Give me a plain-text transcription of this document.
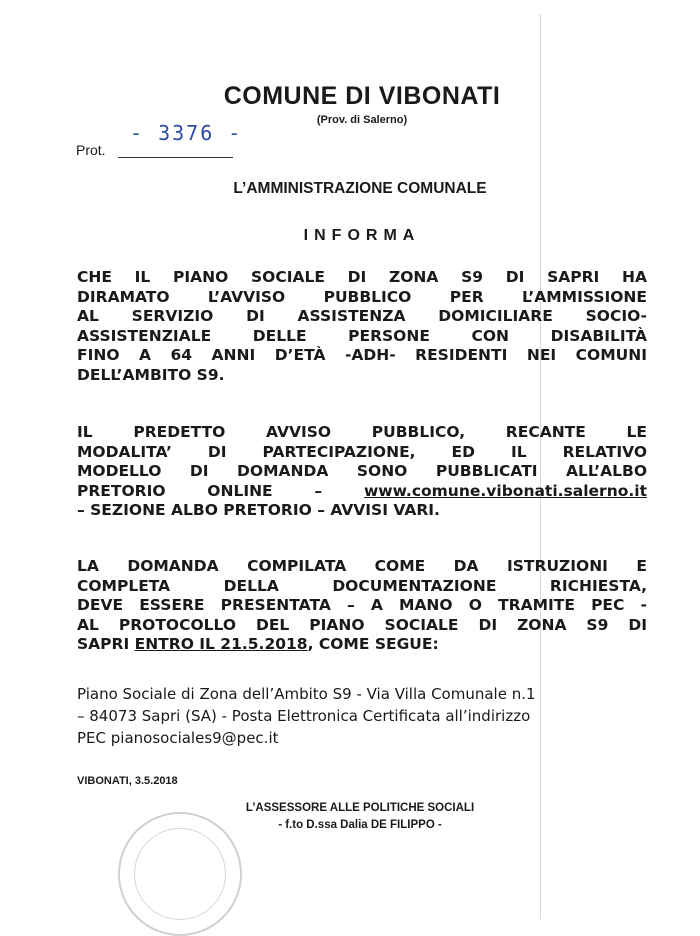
COMUNE DI VIBONATI
(Prov. di Salerno)
- 3376 -
Prot.
L’AMMINISTRAZIONE COMUNALE
INFORMA
CHE IL PIANO SOCIALE DI ZONA S9 DI SAPRI HA
DIRAMATO L’AVVISO PUBBLICO PER L’AMMISSIONE
AL SERVIZIO DI ASSISTENZA DOMICILIARE SOCIO-
ASSISTENZIALE DELLE PERSONE CON DISABILITÀ
FINO A 64 ANNI D’ETÀ -ADH- RESIDENTI NEI COMUNI
DELL’AMBITO S9.
IL PREDETTO AVVISO PUBBLICO, RECANTE LE
MODALITA’ DI PARTECIPAZIONE, ED IL RELATIVO
MODELLO DI DOMANDA SONO PUBBLICATI ALL’ALBO
PRETORIO ONLINE – www.comune.vibonati.salerno.it
– SEZIONE ALBO PRETORIO – AVVISI VARI.
LA DOMANDA COMPILATA COME DA ISTRUZIONI E
COMPLETA DELLA DOCUMENTAZIONE RICHIESTA,
DEVE ESSERE PRESENTATA – A MANO O TRAMITE PEC -
AL PROTOCOLLO DEL PIANO SOCIALE DI ZONA S9 DI
SAPRI ENTRO IL 21.5.2018, COME SEGUE:
Piano Sociale di Zona dell’Ambito S9 - Via Villa Comunale n.1
– 84073 Sapri (SA) - Posta Elettronica Certificata all’indirizzo
PEC pianosociales9@pec.it
VIBONATI, 3.5.2018
L’ASSESSORE ALLE POLITICHE SOCIALI
- f.to D.ssa Dalia DE FILIPPO -
